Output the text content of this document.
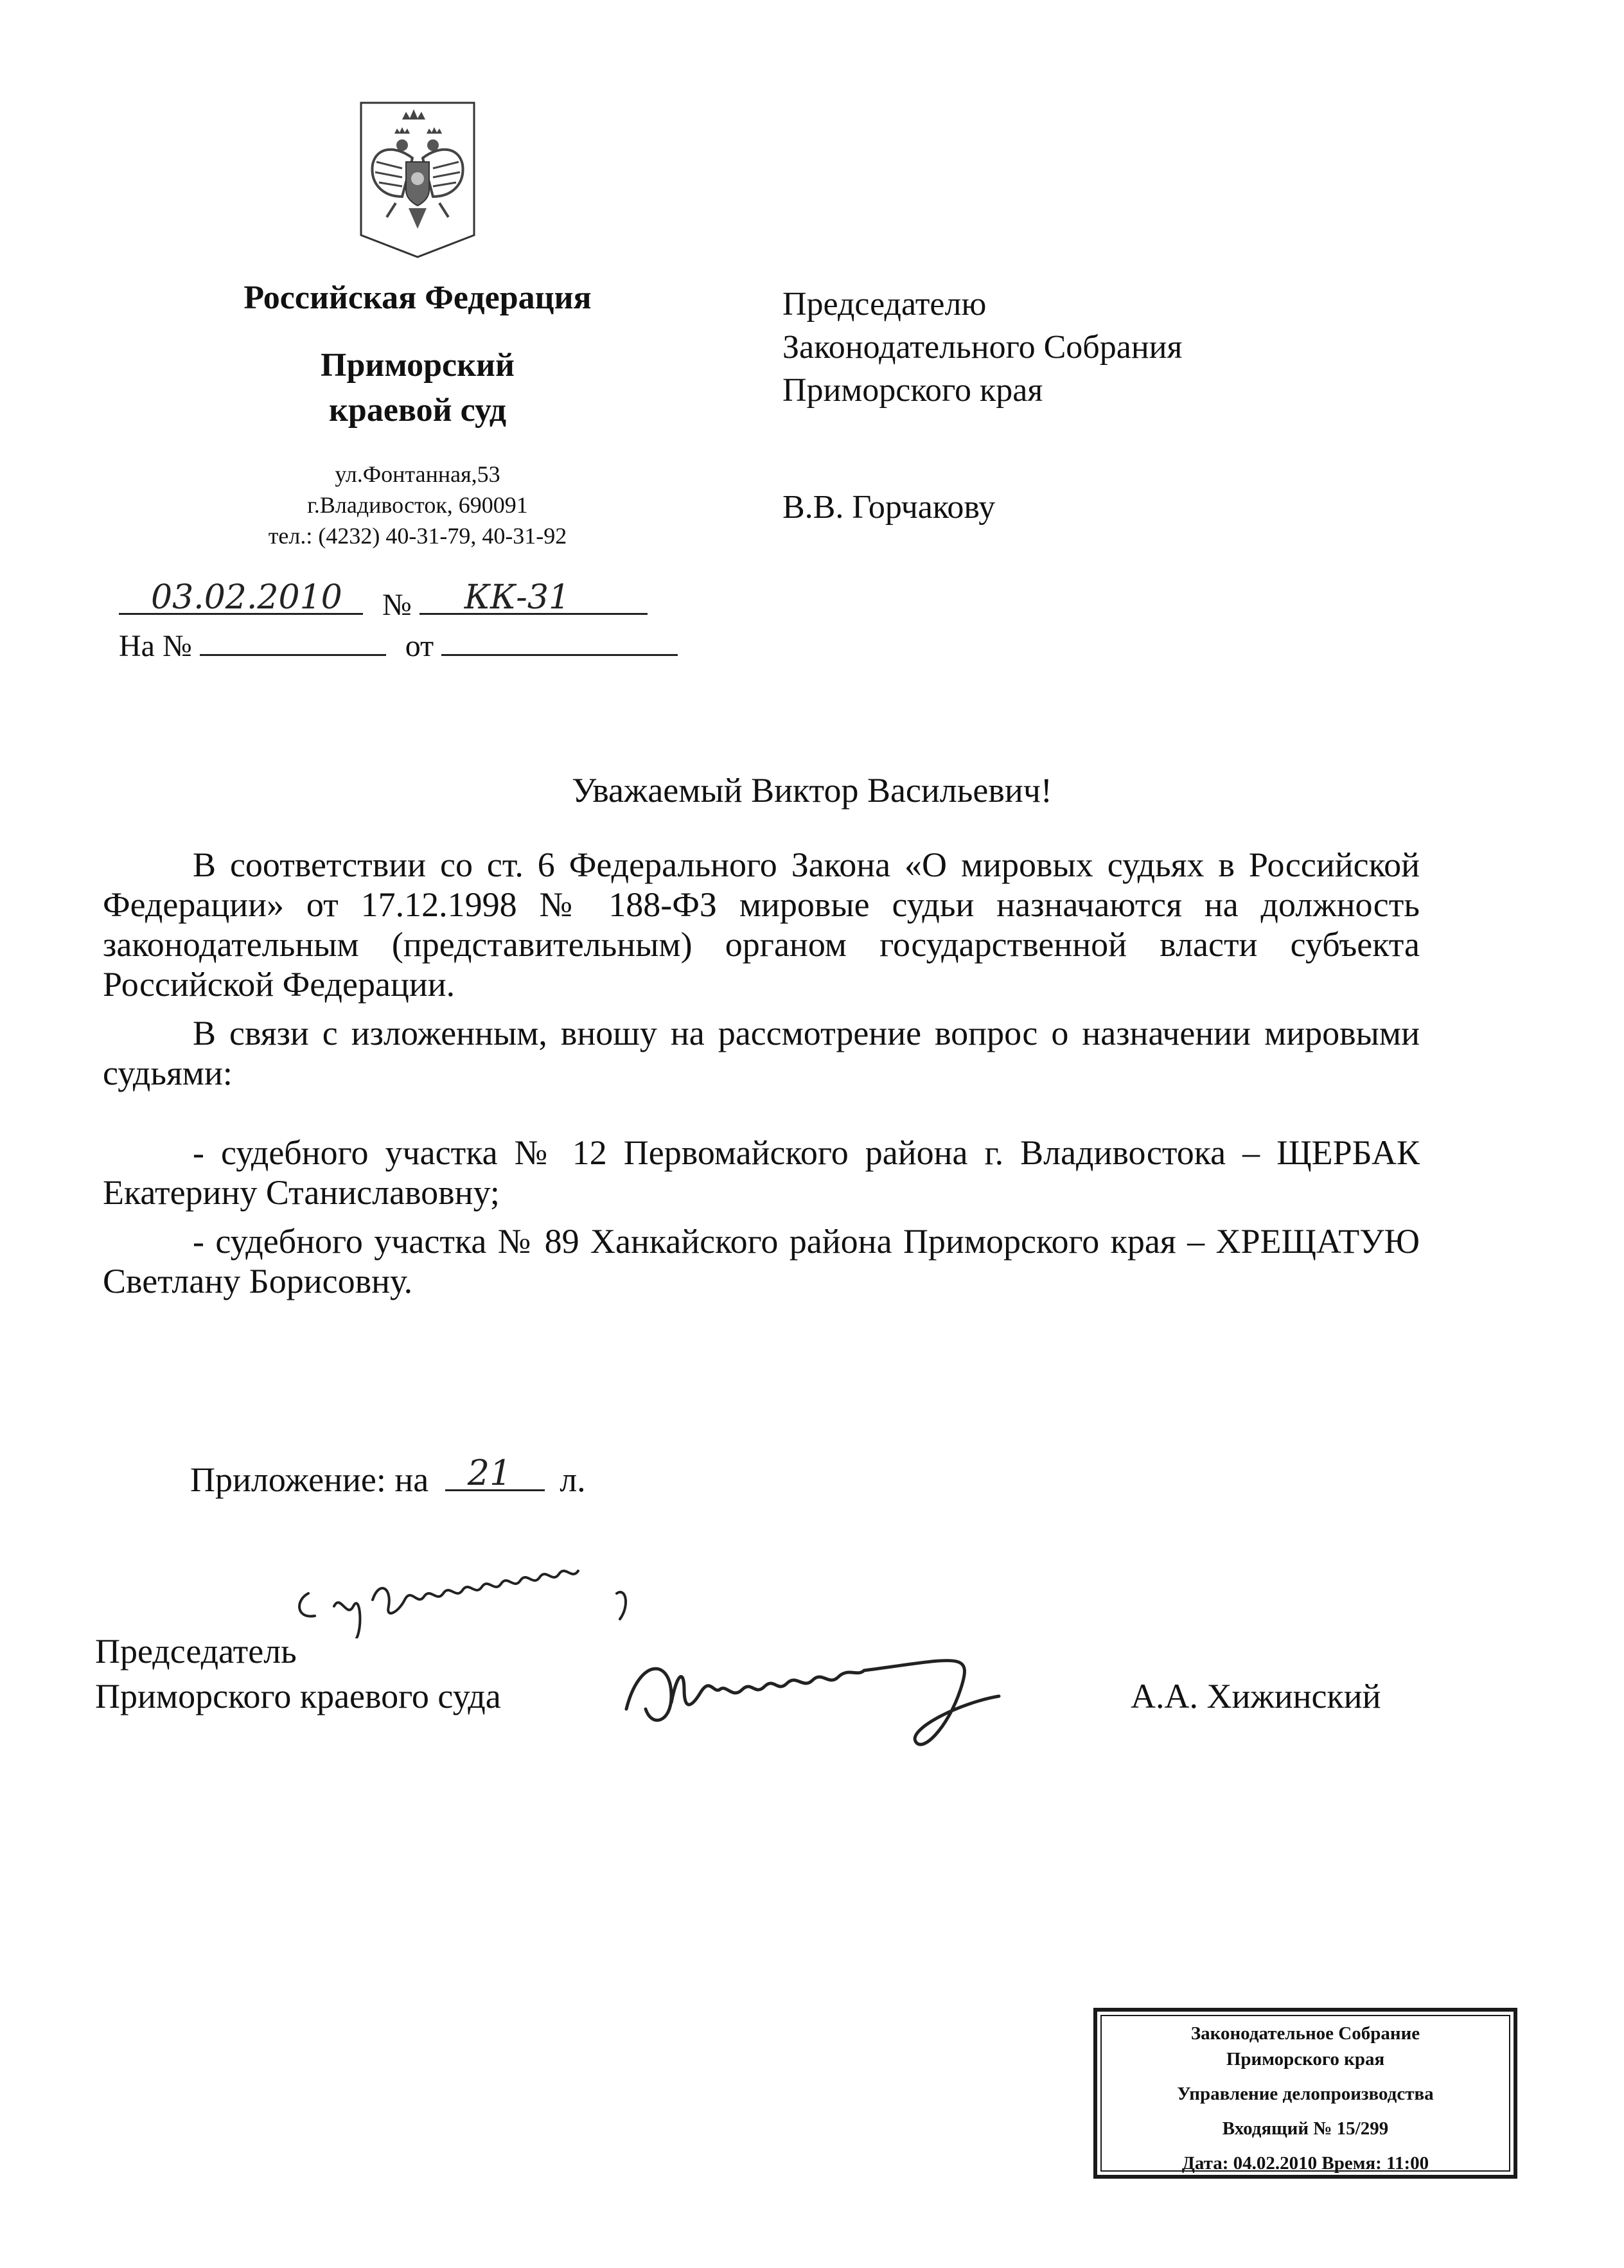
Российская Федерация
Приморский
краевой суд
ул.Фонтанная,53
г.Владивосток, 690091
тел.: (4232) 40-31-79, 40-31-92
Председателю
Законодательного Собрания
Приморского края
В.В. Горчакову
03.02.2010 № КК-31
На №	от
Уважаемый Виктор Васильевич!

В соответствии со ст. 6 Федерального Закона «О мировых судьях в Российской Федерации» от 17.12.1998 № 188-ФЗ мировые судьи назначаются на должность законодательным (представительным) органом государственной власти субъекта Российской Федерации.

В связи с изложенным, вношу на рассмотрение вопрос о назначении мировыми судьями:

- судебного участка № 12 Первомайского района г. Владивостока – ЩЕРБАК Екатерину Станиславовну;

- судебного участка № 89 Ханкайского района Приморского края – ХРЕЩАТУЮ Светлану Борисовну.

Приложение: на 21 л.
Председатель
Приморского краевого суда	А.А. Хижинский
Законодательное Собрание
Приморского края
Управление делопроизводства
Входящий № 15/299
Дата: 04.02.2010 Время: 11:00
